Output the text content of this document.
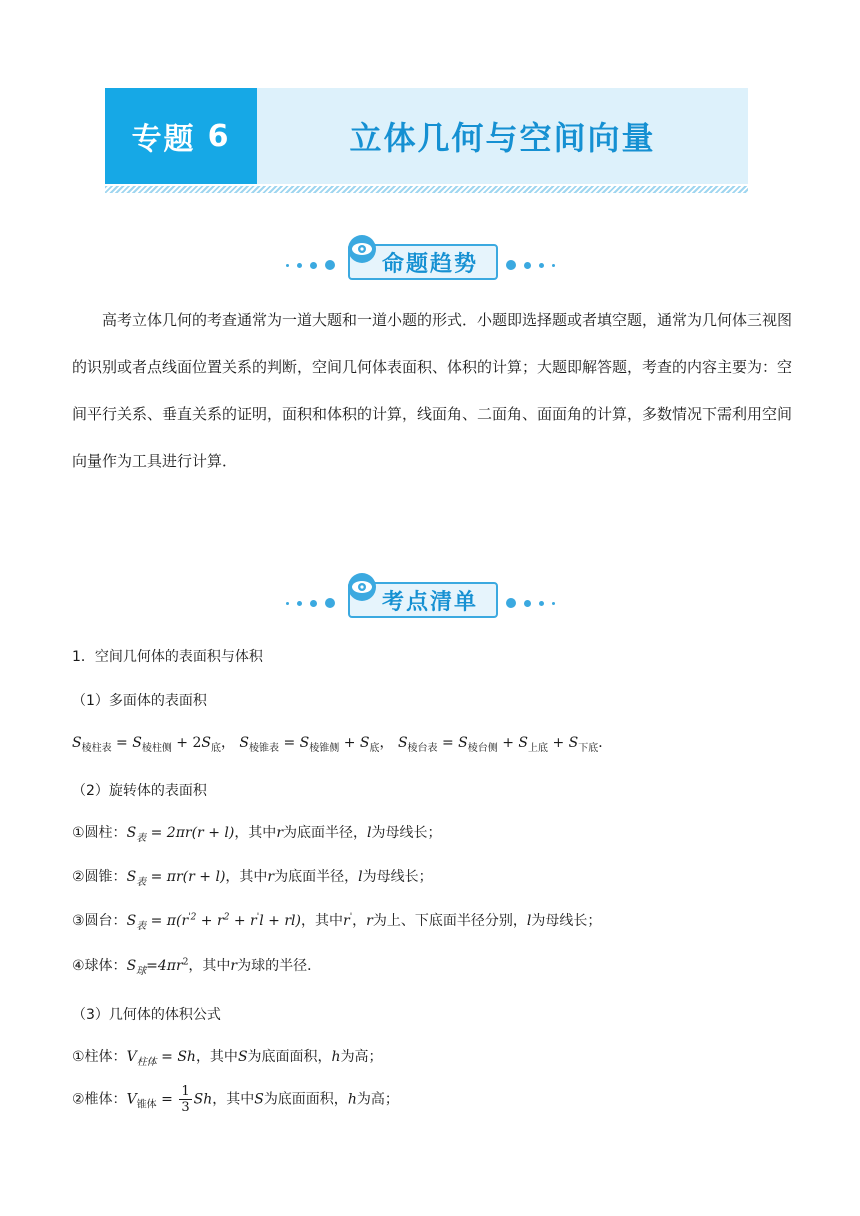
专题 6	立体几何与空间向量
命题趋势

高考立体几何的考查通常为一道大题和一道小题的形式．小题即选择题或者填空题，通常为几何体三视图的识别或者点线面位置关系的判断，空间几何体表面积、体积的计算；大题即解答题，考查的内容主要为：空间平行关系、垂直关系的证明，面积和体积的计算，线面角、二面角、面面角的计算，多数情况下需利用空间向量作为工具进行计算．

考点清单
1．空间几何体的表面积与体积
（1）多面体的表面积
$S_{棱柱表} = S_{棱柱侧} + 2S_底$， $S_{棱锥表} = S_{棱锥侧} + S_底$， $S_{棱台表} = S_{棱台侧} + S_{上底} + S_{下底}$．
（2）旋转体的表面积
①圆柱：$S_表 = 2\pi r(r + l)$，其中r为底面半径，l为母线长；
②圆锥：$S_表 = \pi r(r + l)$，其中r为底面半径，l为母线长；
③圆台：$S_表 = \pi(r^{'2} + r^2 + r'l + rl)$，其中r'，r为上、下底面半径分别，l为母线长；
④球体：$S_球=4\pi r^2$，其中r为球的半径．
（3）几何体的体积公式
①柱体：$V_{柱体} = Sh$，其中S为底面面积，h为高；
②椎体：$V_{锥体} = \frac{1}{3}$ Sh，其中S为底面面积，h为高；
